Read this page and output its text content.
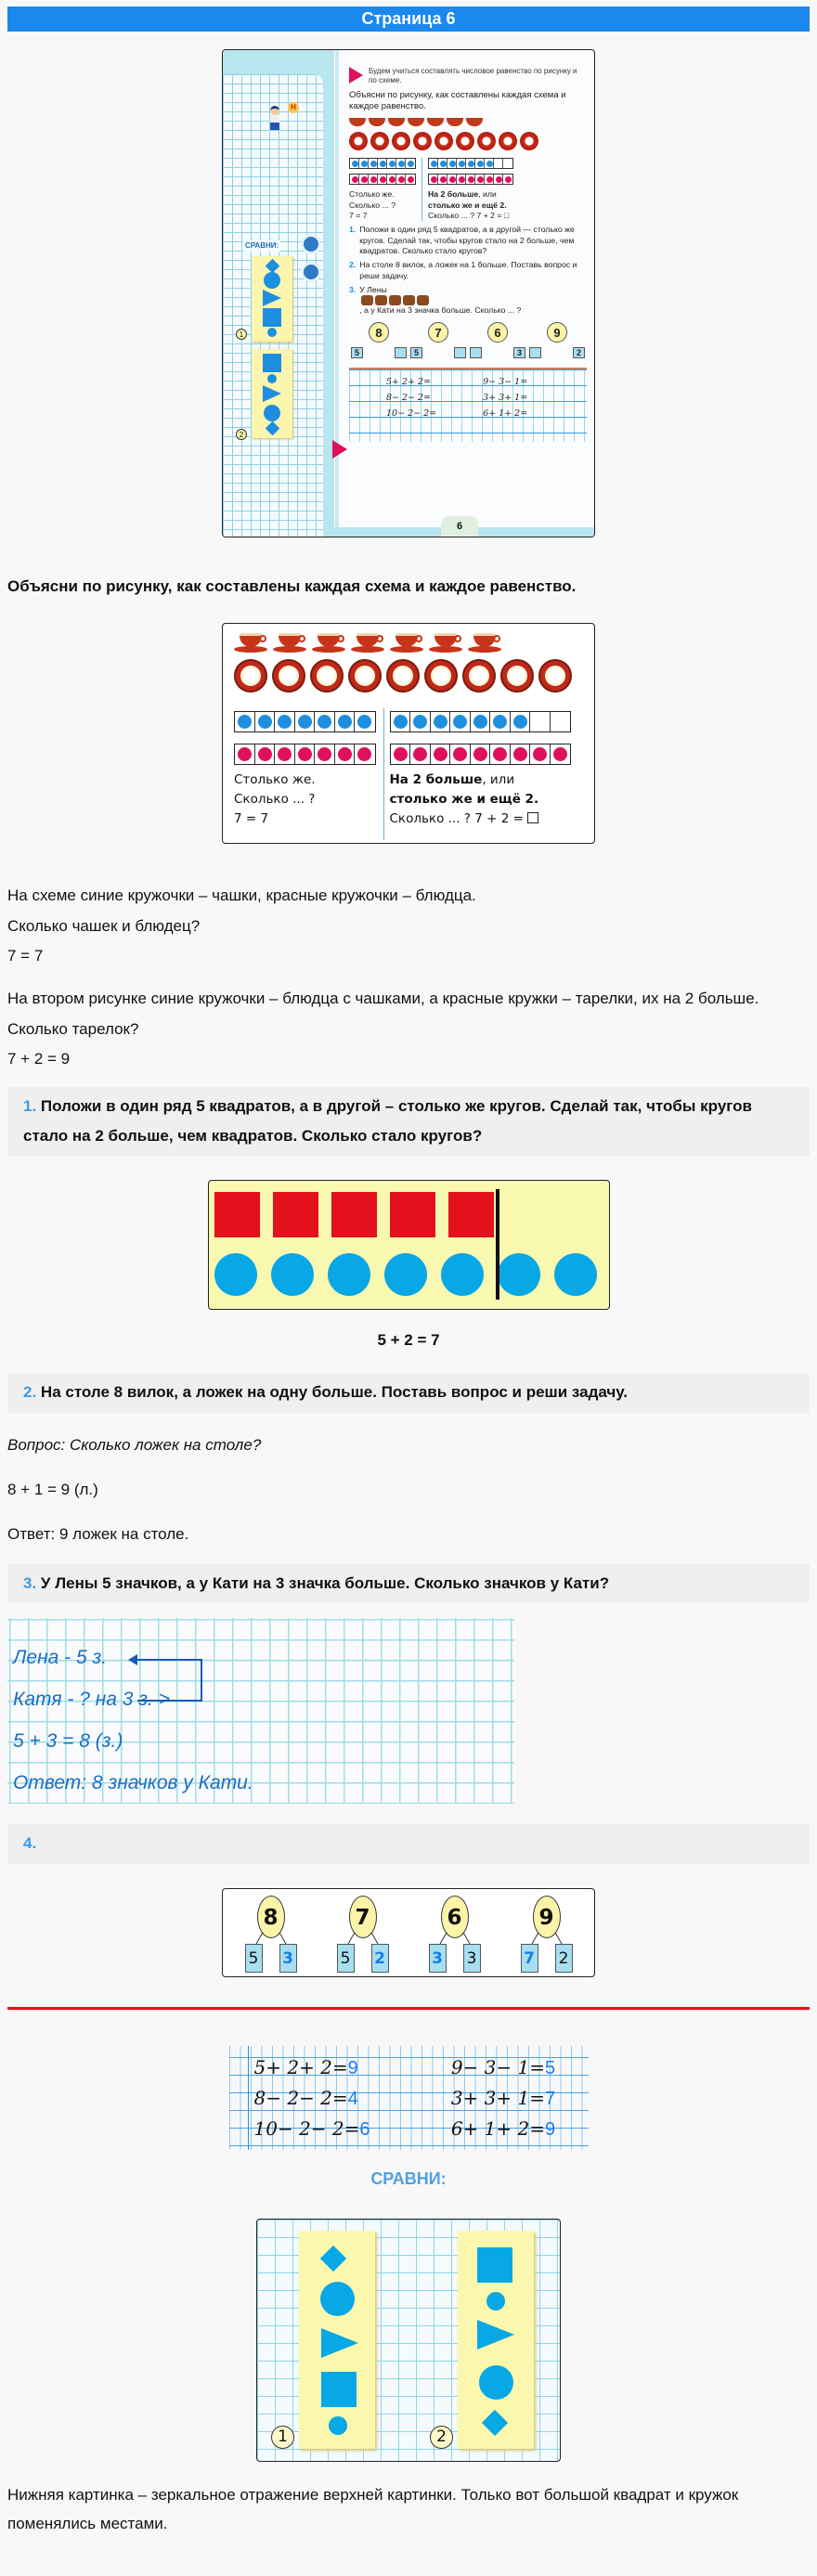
Страница 6
Н
СРАВНИ:
1
2
Будем учиться составлять числовое равенство по рисунку и по схеме.
Объясни по рисунку, как составлены каждая схема и каждое равенство.
Столько же.
Сколько ... ?
7 = 7
На 2 больше, или
столько же и ещё 2.
Сколько ... ? 7 + 2 = □
1. Положи в один ряд 5 квадратов, а в другой — столько же кругов. Сделай так, чтобы кругов стало на 2 больше, чем квадратов. Сколько стало кругов?
2. На столе 8 вилок, а ложек на 1 больше. Поставь вопрос и реши задачу.
3. У Лены
, а у Кати на 3 значка больше. Сколько ... ?
8
5
7
5
6
3
9
2
5+ 2+ 2=
8− 2− 2=
10− 2− 2=
9− 3− 1=
3+ 3+ 1=
6+ 1+ 2=
6
Объясни по рисунку, как составлены каждая схема и каждое равенство.
Столько же.
Сколько ... ?
7 = 7
На 2 больше, или
столько же и ещё 2.
Сколько ... ? 7 + 2 =

На схеме синие кружочки – чашки, красные кружочки – блюдца.

Сколько чашек и блюдец?

7 = 7

На втором рисунке синие кружочки – блюдца с чашками, а красные кружки – тарелки, их на 2 больше.

Сколько тарелок?

7 + 2 = 9

1. Положи в один ряд 5 квадратов, а в другой – столько же кругов. Сделай так, чтобы кругов стало на 2 больше, чем квадратов. Сколько стало кругов?
5 + 2 = 7
2. На столе 8 вилок, а ложек на одну больше. Поставь вопрос и реши задачу.

Вопрос: Сколько ложек на столе?

8 + 1 = 9 (л.)

Ответ: 9 ложек на столе.

3. У Лены 5 значков, а у Кати на 3 значка больше. Сколько значков у Кати?
Лена - 5 з.
Катя - ? на 3 з. >
5 + 3 = 8 (з.)
Ответ: 8 значков у Кати.
4.
8
5 3
7
5 2
6
3 3
9
7 2
5+ 2+ 2=9
8− 2− 2=4
10− 2− 2=6
9− 3− 1=5
3+ 3+ 1=7
6+ 1+ 2=9
СРАВНИ:
1	2

Нижняя картинка – зеркальное отражение верхней картинки. Только вот большой квадрат и кружок поменялись местами.
